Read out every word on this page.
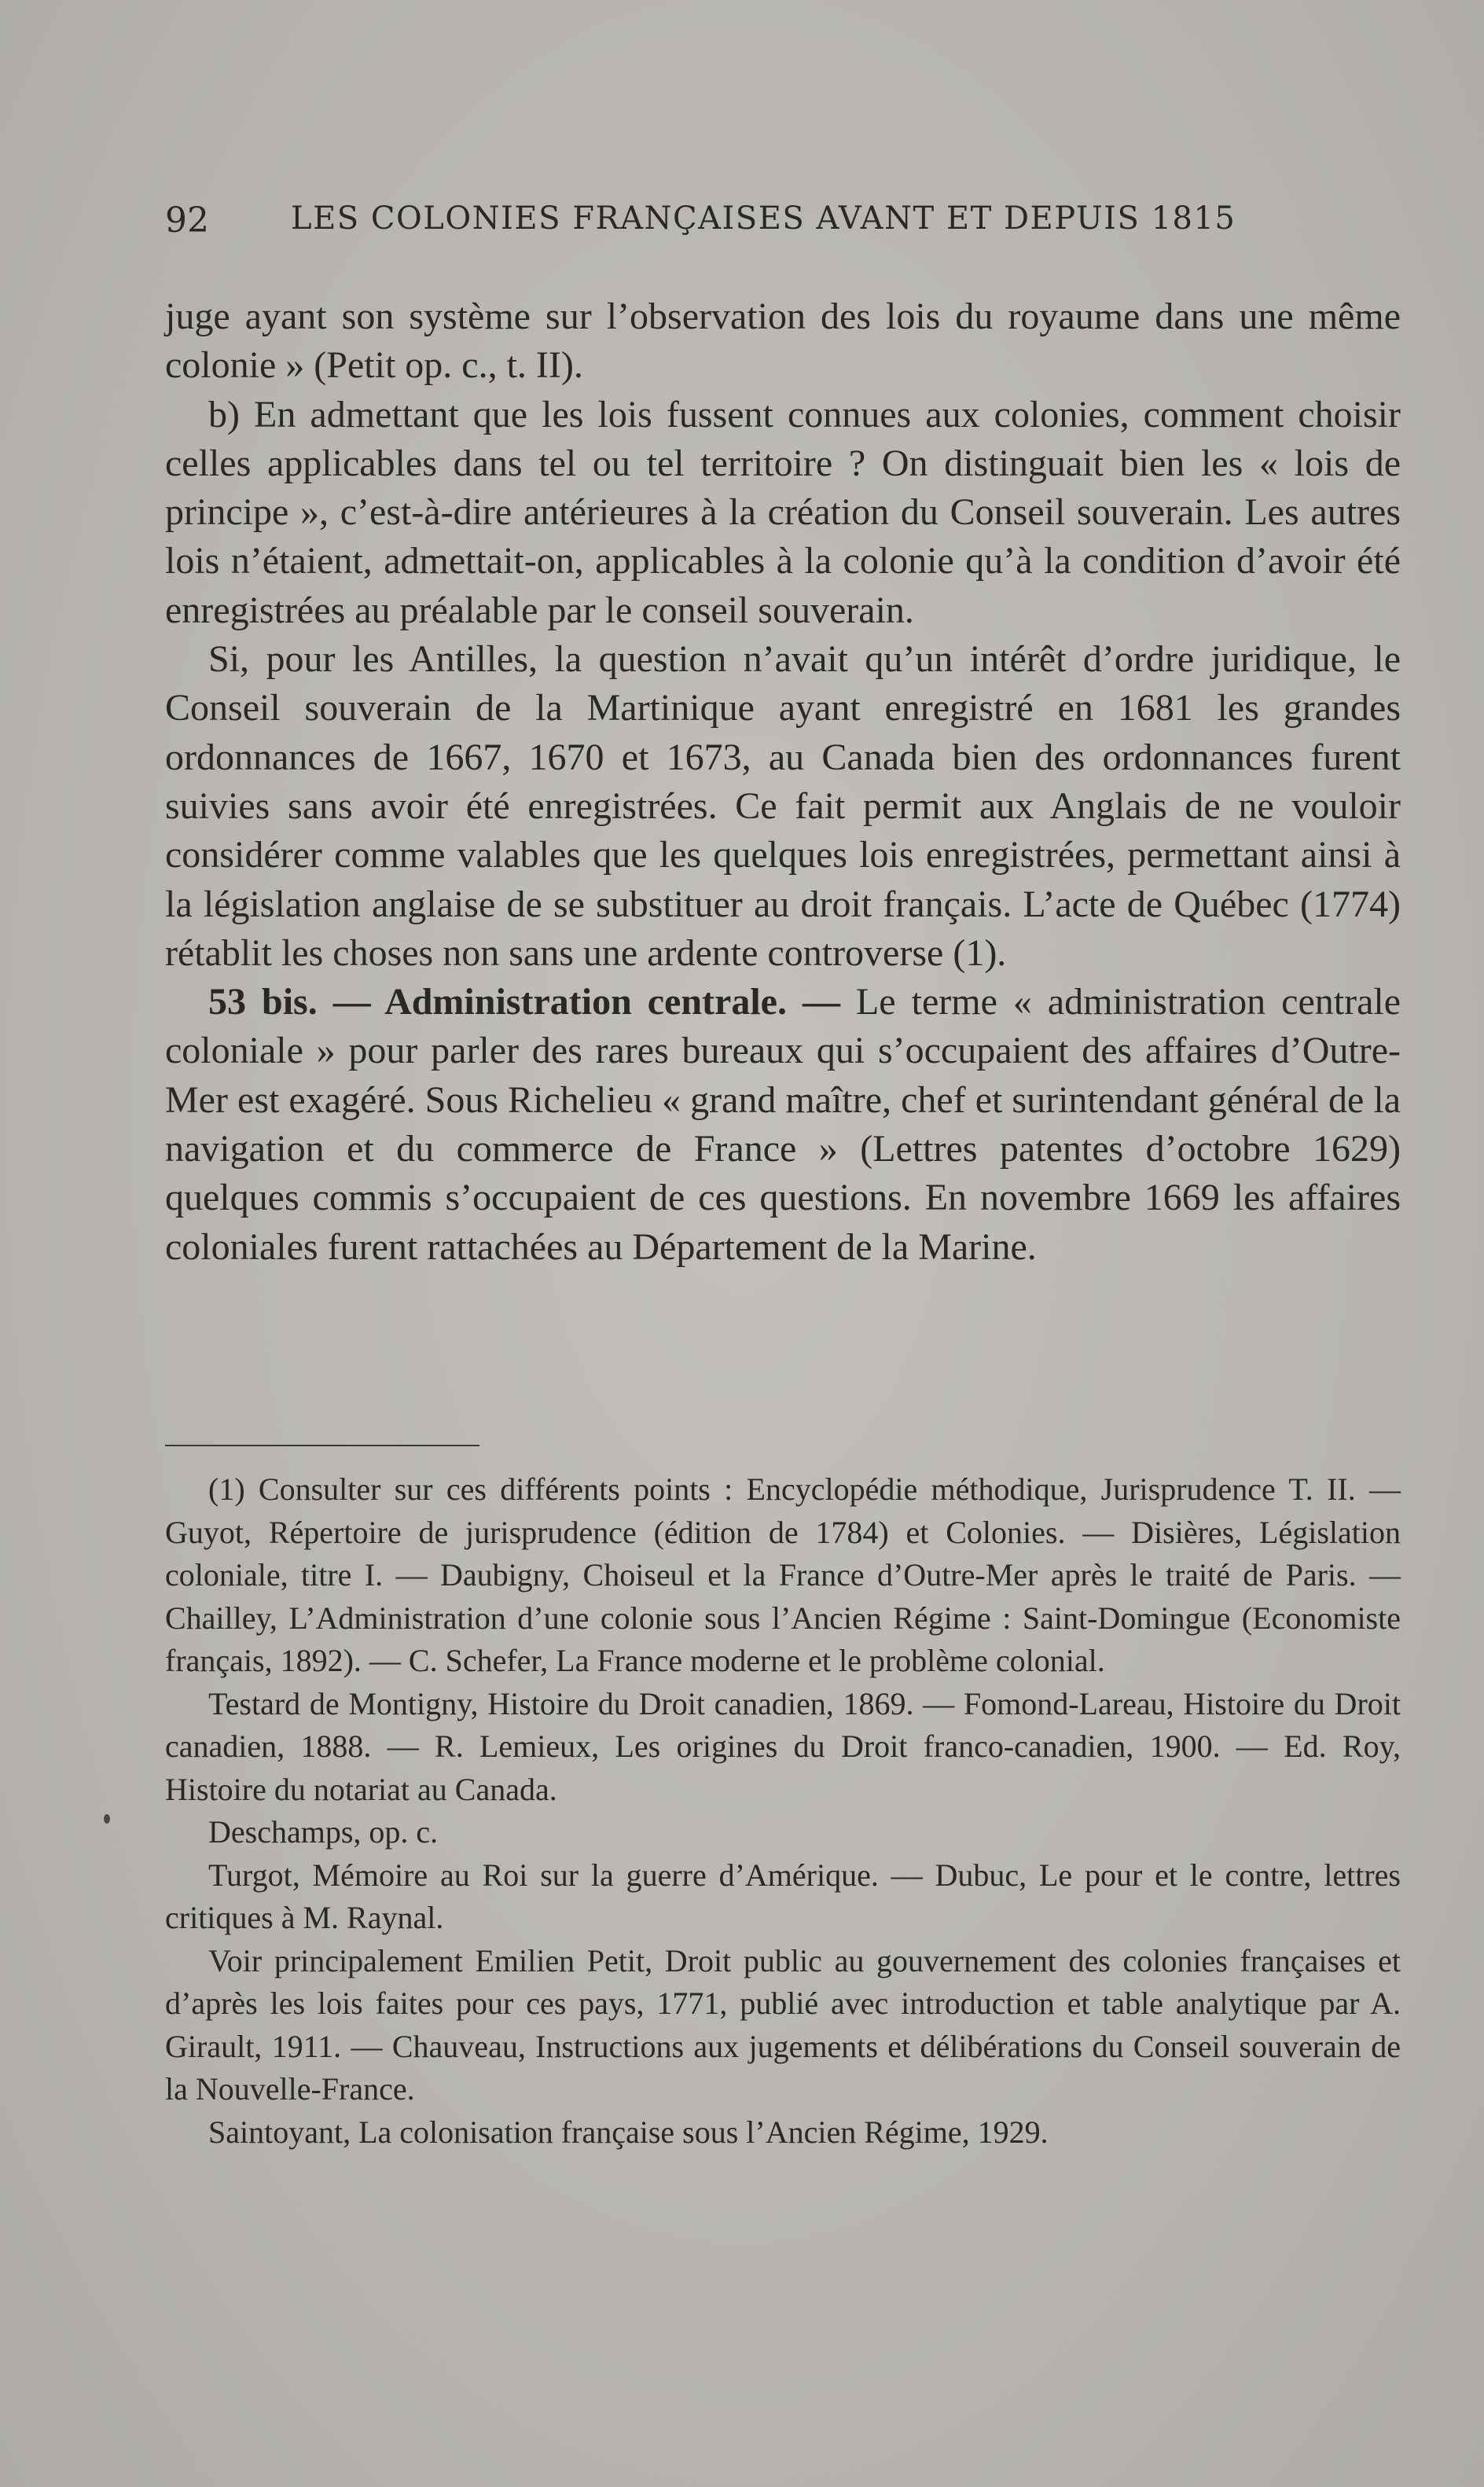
92	LES COLONIES FRANÇAISES AVANT ET DEPUIS 1815

juge ayant son système sur l’observation des lois du royaume dans une même colonie » (Petit op. c., t. II).

b) En admettant que les lois fussent connues aux colonies, comment choisir celles applicables dans tel ou tel territoire ? On distinguait bien les « lois de principe », c’est-à-dire antérieures à la création du Conseil souverain. Les autres lois n’étaient, admettait-on, applicables à la colonie qu’à la condition d’avoir été enregistrées au préalable par le conseil souverain.

Si, pour les Antilles, la question n’avait qu’un intérêt d’ordre juridique, le Conseil souverain de la Martinique ayant enregistré en 1681 les grandes ordonnances de 1667, 1670 et 1673, au Canada bien des ordonnances furent suivies sans avoir été enregistrées. Ce fait permit aux Anglais de ne vouloir considérer comme valables que les quelques lois enregistrées, permettant ainsi à la législation anglaise de se substituer au droit français. L’acte de Québec (1774) rétablit les choses non sans une ardente controverse (1).

53 bis. — Administration centrale. — Le terme « administration centrale coloniale » pour parler des rares bureaux qui s’occupaient des affaires d’Outre-Mer est exagéré. Sous Richelieu « grand maître, chef et surintendant général de la navigation et du commerce de France » (Lettres patentes d’octobre 1629) quelques commis s’occupaient de ces questions. En novembre 1669 les affaires coloniales furent rattachées au Département de la Marine.

(1) Consulter sur ces différents points : Encyclopédie méthodique, Jurisprudence T. II. — Guyot, Répertoire de jurisprudence (édition de 1784) et Colonies. — Disières, Législation coloniale, titre I. — Daubigny, Choiseul et la France d’Outre-Mer après le traité de Paris. — Chailley, L’Administration d’une colonie sous l’Ancien Régime : Saint-Domingue (Economiste français, 1892). — C. Schefer, La France moderne et le problème colonial.

Testard de Montigny, Histoire du Droit canadien, 1869. — Fomond-Lareau, Histoire du Droit canadien, 1888. — R. Lemieux, Les origines du Droit franco-canadien, 1900. — Ed. Roy, Histoire du notariat au Canada.

Deschamps, op. c.

Turgot, Mémoire au Roi sur la guerre d’Amérique. — Dubuc, Le pour et le contre, lettres critiques à M. Raynal.

Voir principalement Emilien Petit, Droit public au gouvernement des colonies françaises et d’après les lois faites pour ces pays, 1771, publié avec introduction et table analytique par A. Girault, 1911. — Chauveau, Instructions aux jugements et délibérations du Conseil souverain de la Nouvelle-France.

Saintoyant, La colonisation française sous l’Ancien Régime, 1929.
